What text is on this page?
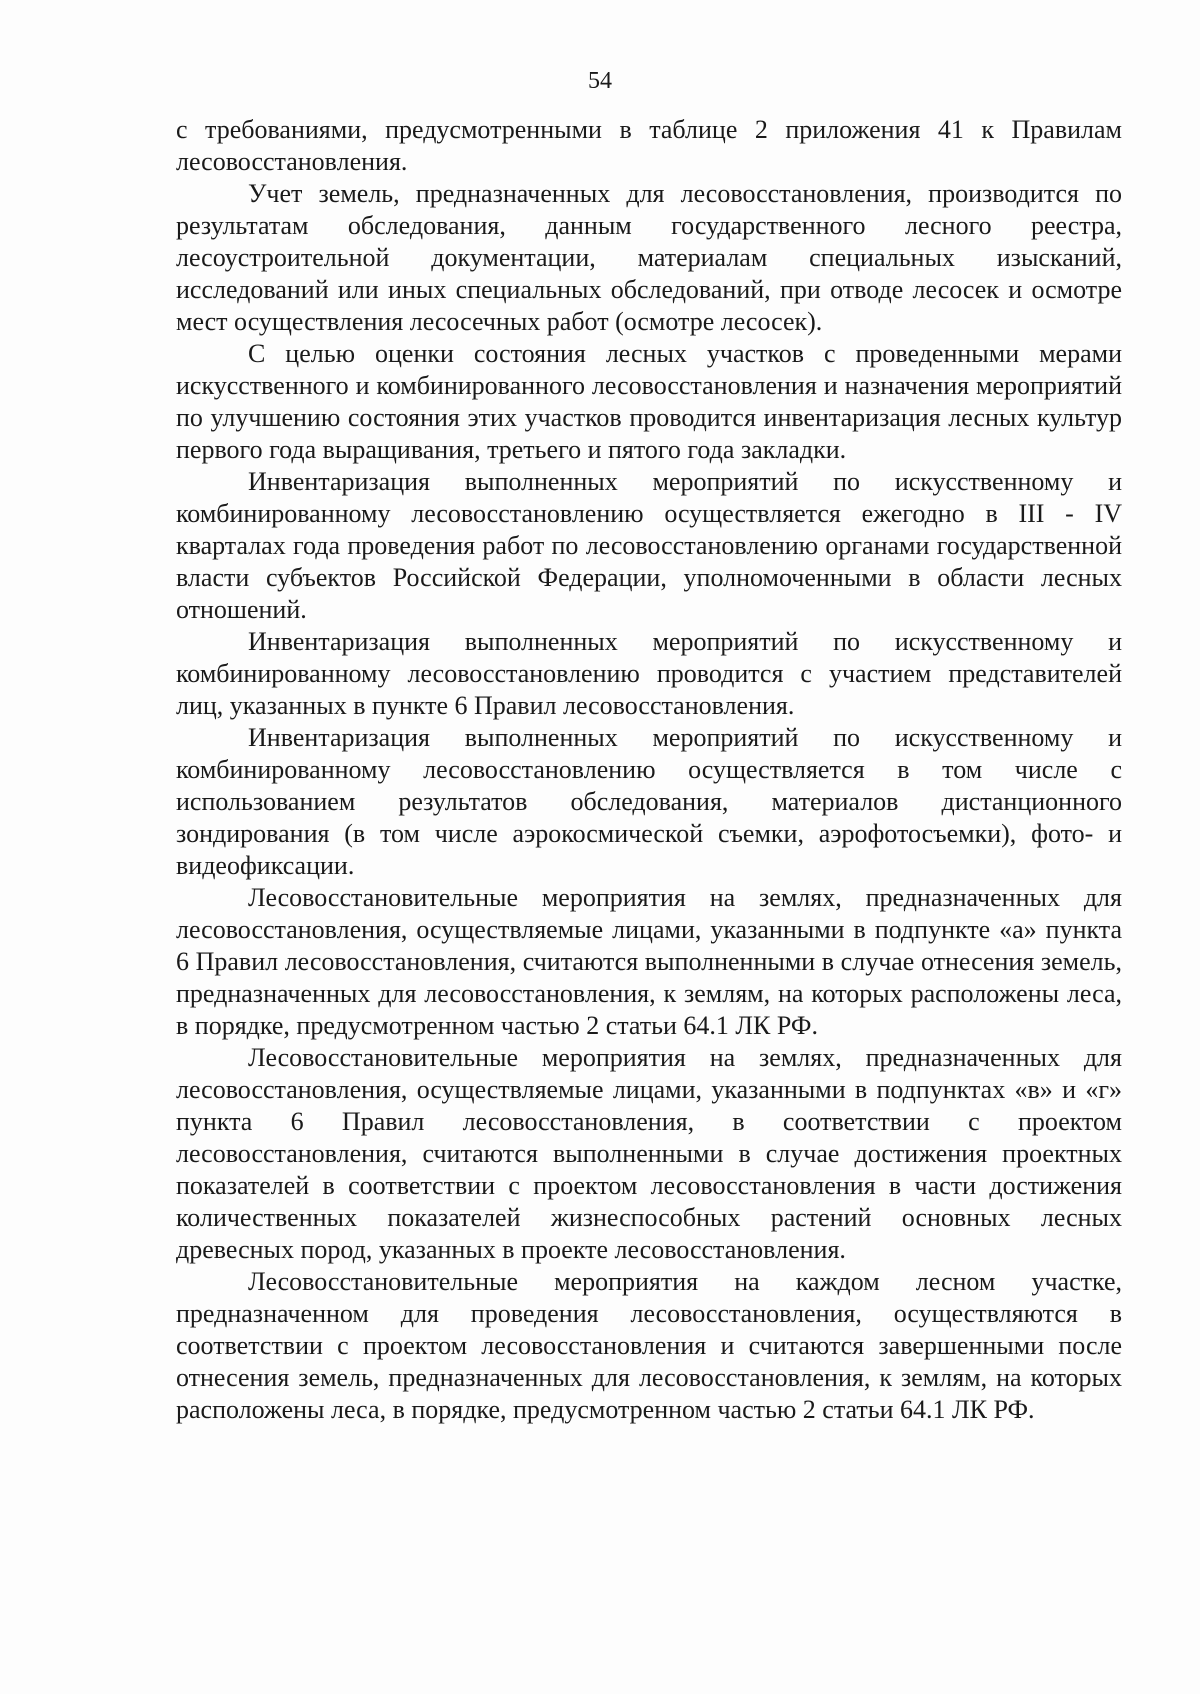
54

с требованиями, предусмотренными в таблице 2 приложения 41 к Правилам лесовосстановления.

Учет земель, предназначенных для лесовосстановления, производится по результатам обследования, данным государственного лесного реестра, лесоустроительной документации, материалам специальных изысканий, исследований или иных специальных обследований, при отводе лесосек и осмотре мест осуществления лесосечных работ (осмотре лесосек).

С целью оценки состояния лесных участков с проведенными мерами искусственного и комбинированного лесовосстановления и назначения мероприятий по улучшению состояния этих участков проводится инвентаризация лесных культур первого года выращивания, третьего и пятого года закладки.

Инвентаризация выполненных мероприятий по искусственному и комбинированному лесовосстановлению осуществляется ежегодно в III - IV кварталах года проведения работ по лесовосстановлению органами государственной власти субъектов Российской Федерации, уполномоченными в области лесных отношений.

Инвентаризация выполненных мероприятий по искусственному и комбинированному лесовосстановлению проводится с участием представителей лиц, указанных в пункте 6 Правил лесовосстановления.

Инвентаризация выполненных мероприятий по искусственному и комбинированному лесовосстановлению осуществляется в том числе с использованием результатов обследования, материалов дистанционного зондирования (в том числе аэрокосмической съемки, аэрофотосъемки), фото- и видеофиксации.

Лесовосстановительные мероприятия на землях, предназначенных для лесовосстановления, осуществляемые лицами, указанными в подпункте «а» пункта 6 Правил лесовосстановления, считаются выполненными в случае отнесения земель, предназначенных для лесовосстановления, к землям, на которых расположены леса, в порядке, предусмотренном частью 2 статьи 64.1 ЛК РФ.

Лесовосстановительные мероприятия на землях, предназначенных для лесовосстановления, осуществляемые лицами, указанными в подпунктах «в» и «г» пункта 6 Правил лесовосстановления, в соответствии с проектом лесовосстановления, считаются выполненными в случае достижения проектных показателей в соответствии с проектом лесовосстановления в части достижения количественных показателей жизнеспособных растений основных лесных древесных пород, указанных в проекте лесовосстановления.

Лесовосстановительные мероприятия на каждом лесном участке, предназначенном для проведения лесовосстановления, осуществляются в соответствии с проектом лесовосстановления и считаются завершенными после отнесения земель, предназначенных для лесовосстановления, к землям, на которых расположены леса, в порядке, предусмотренном частью 2 статьи 64.1 ЛК РФ.
